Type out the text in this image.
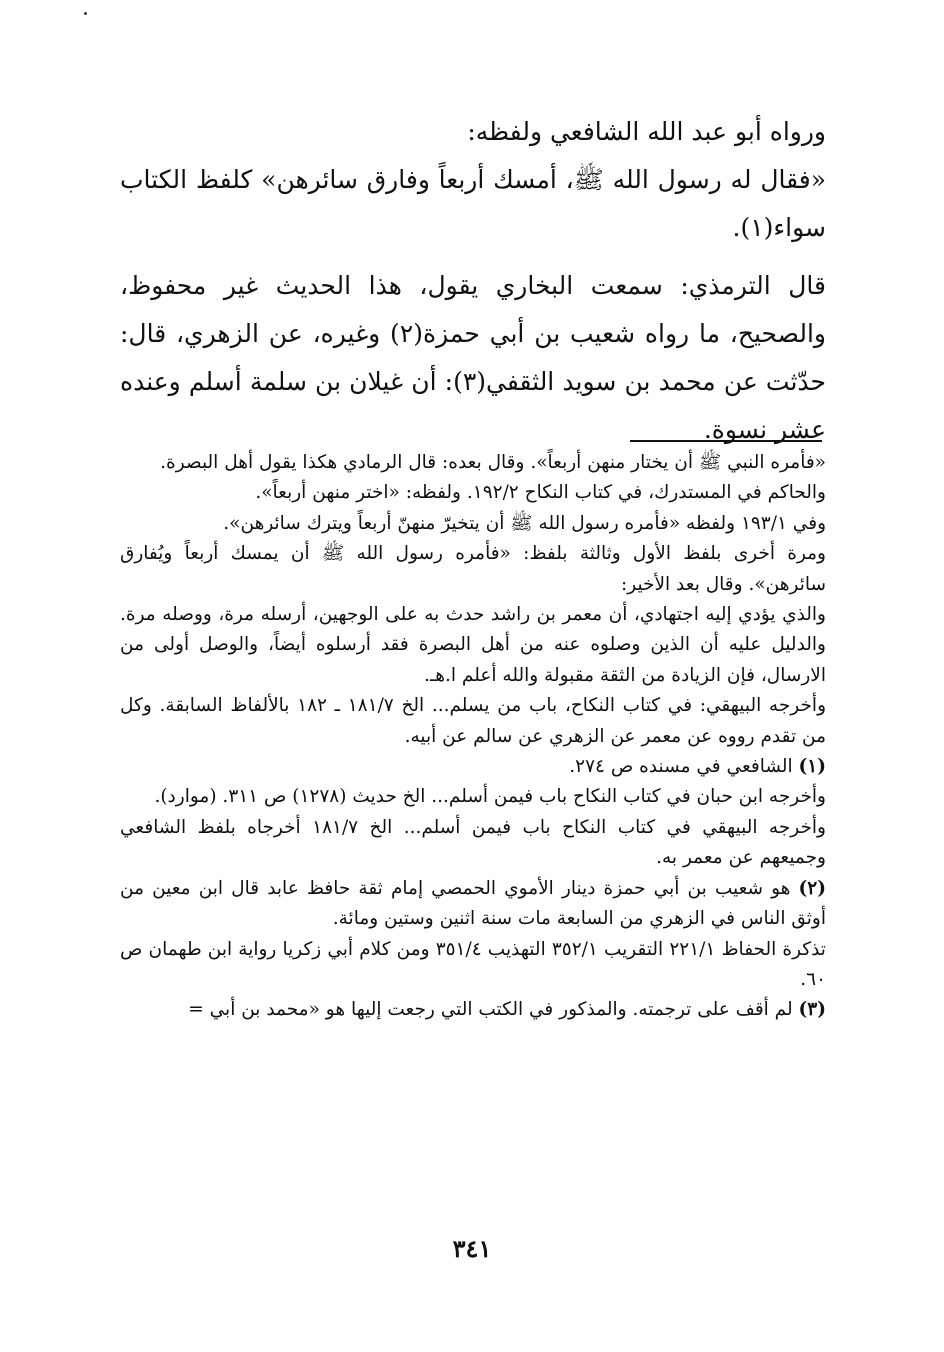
ورواه أبو عبد الله الشافعي ولفظه:

«فقال له رسول الله ﷺ، أمسك أربعاً وفارق سائرهن» كلفظ الكتاب سواء(١).

قال الترمذي: سمعت البخاري يقول، هذا الحديث غير محفوظ، والصحيح، ما رواه شعيب بن أبي حمزة(٢) وغيره، عن الزهري، قال: حدّثت عن محمد بن سويد الثقفي(٣): أن غيلان بن سلمة أسلم وعنده عشر نسوة.

«فأمره النبي ﷺ أن يختار منهن أربعاً». وقال بعده: قال الرمادي هكذا يقول أهل البصرة.

والحاكم في المستدرك، في كتاب النكاح ١٩٢/٢. ولفظه: «اختر منهن أربعاً».

وفي ١٩٣/١ ولفظه «فأمره رسول الله ﷺ أن يتخيرّ منهنّ أربعاً ويترك سائرهن».

ومرة أخرى بلفظ الأول وثالثة بلفظ: «فأمره رسول الله ﷺ أن يمسك أربعاً ويُفارق سائرهن». وقال بعد الأخير:

والذي يؤدي إليه اجتهادي، أن معمر بن راشد حدث به على الوجهين، أرسله مرة، ووصله مرة. والدليل عليه أن الذين وصلوه عنه من أهل البصرة فقد أرسلوه أيضاً، والوصل أولى من الارسال، فإن الزيادة من الثقة مقبولة والله أعلم ا.هـ.

وأخرجه البيهقي: في كتاب النكاح، باب من يسلم... الخ ١٨١/٧ ـ ١٨٢ بالألفاظ السابقة. وكل من تقدم رووه عن معمر عن الزهري عن سالم عن أبيه.

(١) الشافعي في مسنده ص ٢٧٤.

وأخرجه ابن حبان في كتاب النكاح باب فيمن أسلم... الخ حديث (١٢٧٨) ص ٣١١. (موارد).

وأخرجه البيهقي في كتاب النكاح باب فيمن أسلم... الخ ١٨١/٧ أخرجاه بلفظ الشافعي وجميعهم عن معمر به.

(٢) هو شعيب بن أبي حمزة دينار الأموي الحمصي إمام ثقة حافظ عابد قال ابن معين من أوثق الناس في الزهري من السابعة مات سنة اثنين وستين ومائة.

تذكرة الحفاظ ٢٢١/١ التقريب ٣٥٢/١ التهذيب ٣٥١/٤ ومن كلام أبي زكريا رواية ابن طهمان ص ٦٠.

(٣) لم أقف على ترجمته. والمذكور في الكتب التي رجعت إليها هو «محمد بن أبي =

٣٤١
